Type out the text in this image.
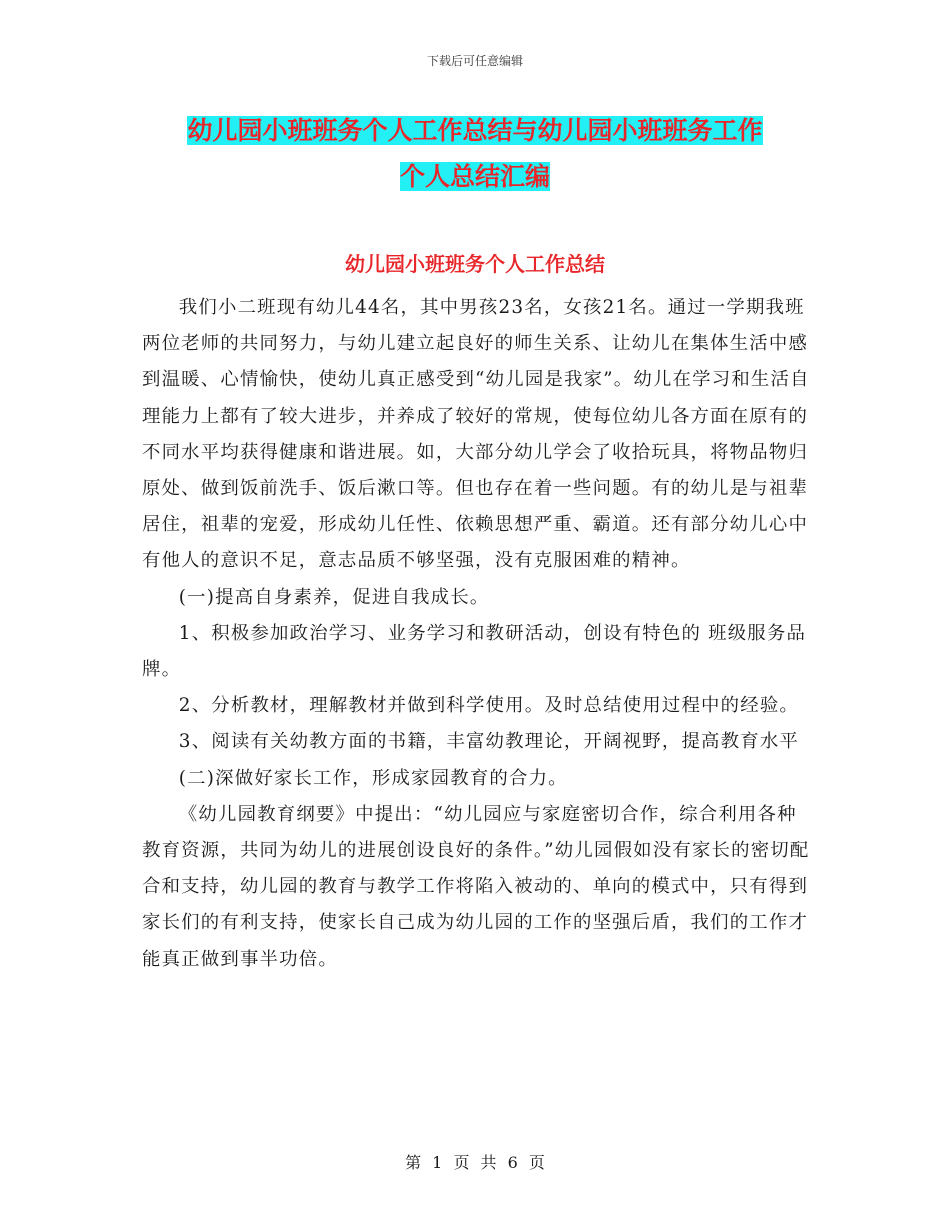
下载后可任意编辑
幼儿园小班班务个人工作总结与幼儿园小班班务工作
个人总结汇编
幼儿园小班班务个人工作总结

我们小二班现有幼儿44名，其中男孩23名，女孩21名。通过一学期我班两位老师的共同努力，与幼儿建立起良好的师生关系、让幼儿在集体生活中感到温暖、心情愉快，使幼儿真正感受到“幼儿园是我家”。幼儿在学习和生活自理能力上都有了较大进步，并养成了较好的常规，使每位幼儿各方面在原有的不同水平均获得健康和谐进展。如，大部分幼儿学会了收拾玩具，将物品物归原处、做到饭前洗手、饭后漱口等。但也存在着一些问题。有的幼儿是与祖辈居住，祖辈的宠爱，形成幼儿任性、依赖思想严重、霸道。还有部分幼儿心中有他人的意识不足，意志品质不够坚强，没有克服困难的精神。

(一)提高自身素养，促进自我成长。

1、积极参加政治学习、业务学习和教研活动，创设有特色的 班级服务品牌。

2、分析教材，理解教材并做到科学使用。及时总结使用过程中的经验。

3、阅读有关幼教方面的书籍，丰富幼教理论，开阔视野，提高教育水平

(二)深做好家长工作，形成家园教育的合力。

《幼儿园教育纲要》中提出：“幼儿园应与家庭密切合作，综合利用各种教育资源，共同为幼儿的进展创设良好的条件。”幼儿园假如没有家长的密切配合和支持，幼儿园的教育与教学工作将陷入被动的、单向的模式中，只有得到家长们的有利支持，使家长自己成为幼儿园的工作的坚强后盾，我们的工作才能真正做到事半功倍。

第 1 页 共 6 页
